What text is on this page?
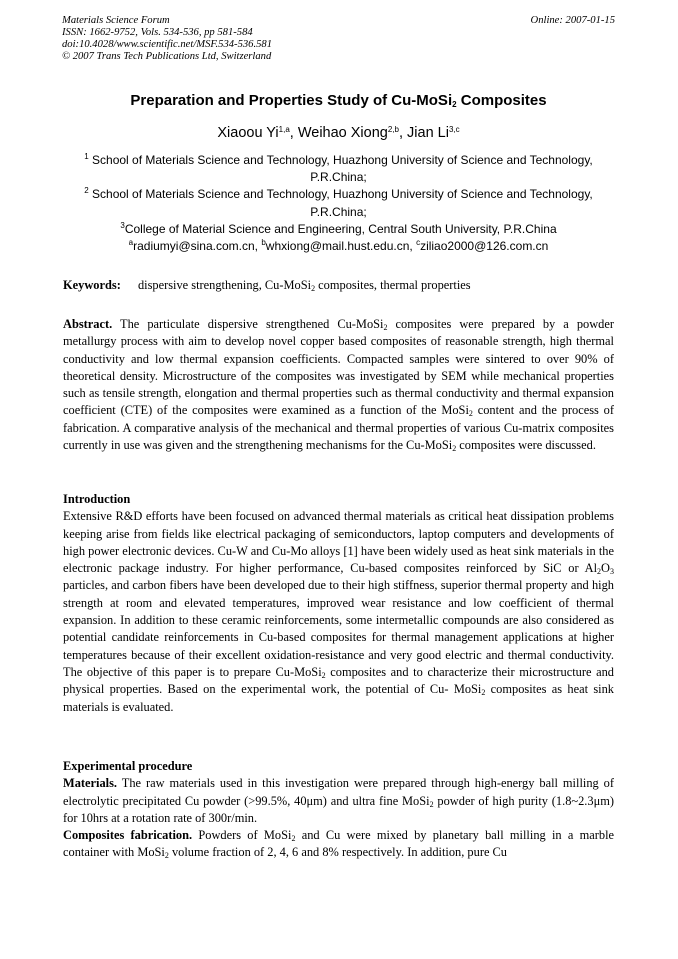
Materials Science Forum
ISSN: 1662-9752, Vols. 534-536, pp 581-584
doi:10.4028/www.scientific.net/MSF.534-536.581
© 2007 Trans Tech Publications Ltd, Switzerland
Online: 2007-01-15
Preparation and Properties Study of Cu-MoSi$_2$ Composites
Xiaoou Yi$^{1,a}$, Weihao Xiong$^{2,b}$, Jian Li$^{3,c}$

$^1$ School of Materials Science and Technology, Huazhong University of Science and Technology,

P.R.China;

$^2$ School of Materials Science and Technology, Huazhong University of Science and Technology,

P.R.China;

$^3$College of Material Science and Engineering, Central South University, P.R.China

$^a$radiumyi@sina.com.cn, $^b$whxiong@mail.hust.edu.cn, $^c$ziliao2000@126.com.cn

Keywords: dispersive strengthening, Cu-MoSi$_2$ composites, thermal properties

Abstract. The particulate dispersive strengthened Cu-MoSi$_2$ composites were prepared by a powder metallurgy process with aim to develop novel copper based composites of reasonable strength, high thermal conductivity and low thermal expansion coefficients. Compacted samples were sintered to over 90% of theoretical density. Microstructure of the composites was investigated by SEM while mechanical properties such as tensile strength, elongation and thermal properties such as thermal conductivity and thermal expansion coefficient (CTE) of the composites were examined as a function of the MoSi$_2$ content and the process of fabrication. A comparative analysis of the mechanical and thermal properties of various Cu-matrix composites currently in use was given and the strengthening mechanisms for the Cu-MoSi$_2$ composites were discussed.

Introduction

Extensive R&D efforts have been focused on advanced thermal materials as critical heat dissipation problems keeping arise from fields like electrical packaging of semiconductors, laptop computers and developments of high power electronic devices. Cu-W and Cu-Mo alloys [1] have been widely used as heat sink materials in the electronic package industry. For higher performance, Cu-based composites reinforced by SiC or $Al_2O_3$ particles, and carbon fibers have been developed due to their high stiffness, superior thermal property and high strength at room and elevated temperatures, improved wear resistance and low coefficient of thermal expansion. In addition to these ceramic reinforcements, some intermetallic compounds are also considered as potential candidate reinforcements in Cu-based composites for thermal management applications at higher temperatures because of their excellent oxidation-resistance and very good electric and thermal conductivity. The objective of this paper is to prepare Cu-MoSi$_2$ composites and to characterize their microstructure and physical properties. Based on the experimental work, the potential of Cu- MoSi$_2$ composites as heat sink materials is evaluated.

Experimental procedure

Materials. The raw materials used in this investigation were prepared through high-energy ball milling of electrolytic precipitated Cu powder (>99.5%, 40μm) and ultra fine MoSi$_2$ powder of high purity (1.8~2.3μm) for 10hrs at a rotation rate of 300r/min.

Composites fabrication. Powders of MoSi$_2$ and Cu were mixed by planetary ball milling in a marble container with MoSi$_2$ volume fraction of 2, 4, 6 and 8% respectively. In addition, pure Cu
